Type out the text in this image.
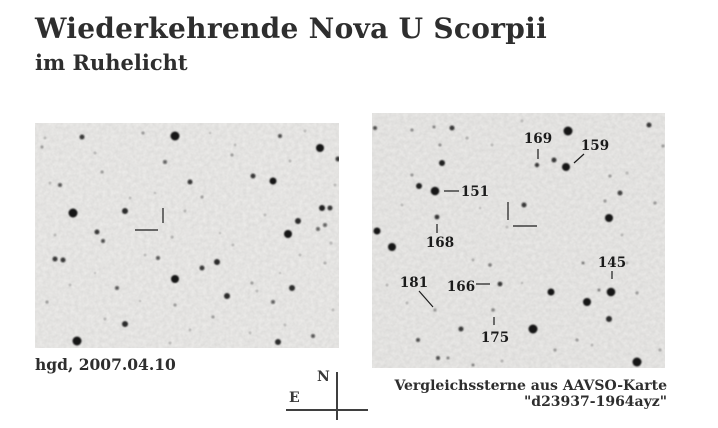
Wiederkehrende Nova U Scorpii
im Ruhelicht
169 159
151
168
145
166
181
175
hgd, 2007.04.10
Vergleichssterne aus AAVSO-Karte
"d23937-1964ayz"
N
E
